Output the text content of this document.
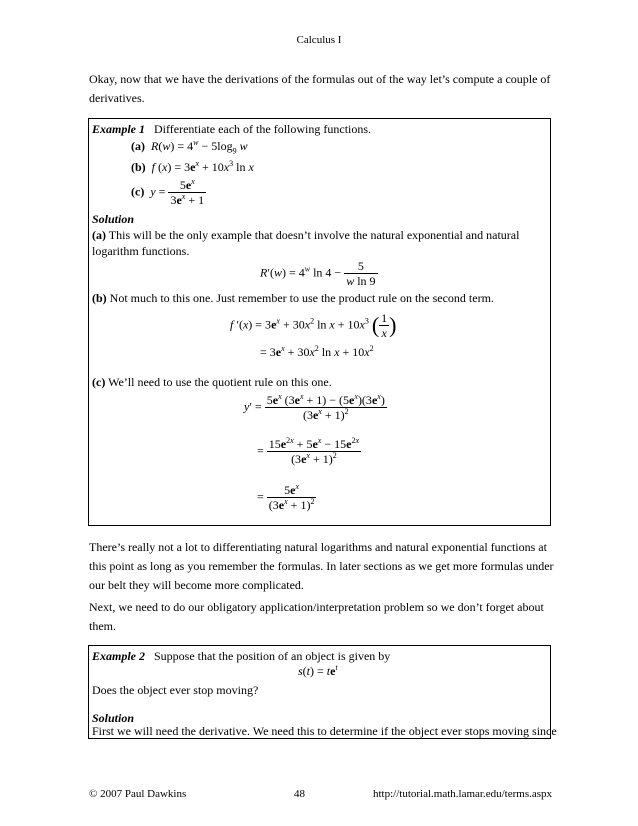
Calculus I
Okay, now that we have the derivations of the formulas out of the way let’s compute a couple of
derivatives.
Example 1 Differentiate each of the following functions.
(a) $R(w) = 4^w - 5\log_9$ w
(b) f $(x) = 3e^x + 10x^3$ ln x
(c) $y = \frac{5e^x}{3e^x + 1}$
Solution
(a) This will be the only example that doesn’t involve the natural exponential and natural
logarithm functions.
$R'(w) = 4^w$ $\ln 4 - \frac{5}{\text{w ln 9}}$
(b) Not much to this one. Just remember to use the product rule on the second term.
f $'(x) = 3e^x + 30x^2$ $\ln x + 10x^3$ ( $\frac{1}{x}$ )
= $3e^x + 30x^2$ $\ln x + 10x^2$
(c) We’ll need to use the quotient rule on this one.
$y' = \frac{5e^x (3e^x + 1) - (5e^x)(3e^x)}{(3e^x + 1)^2}$
= $\frac{15e^{2x} + 5e^x - 15e^{2x}}{(3e^x + 1)^2}$
= $\frac{5e^x}{(3e^x + 1)^2}$
There’s really not a lot to differentiating natural logarithms and natural exponential functions at
this point as long as you remember the formulas. In later sections as we get more formulas under
our belt they will become more complicated.
Next, we need to do our obligatory application/interpretation problem so we don’t forget about
them.
Example 2 Suppose that the position of an object is given by
$s(t) = te^t$
Does the object ever stop moving?
Solution
First we will need the derivative. We need this to determine if the object ever stops moving since
© 2007 Paul Dawkins	48	http://tutorial.math.lamar.edu/terms.aspx
